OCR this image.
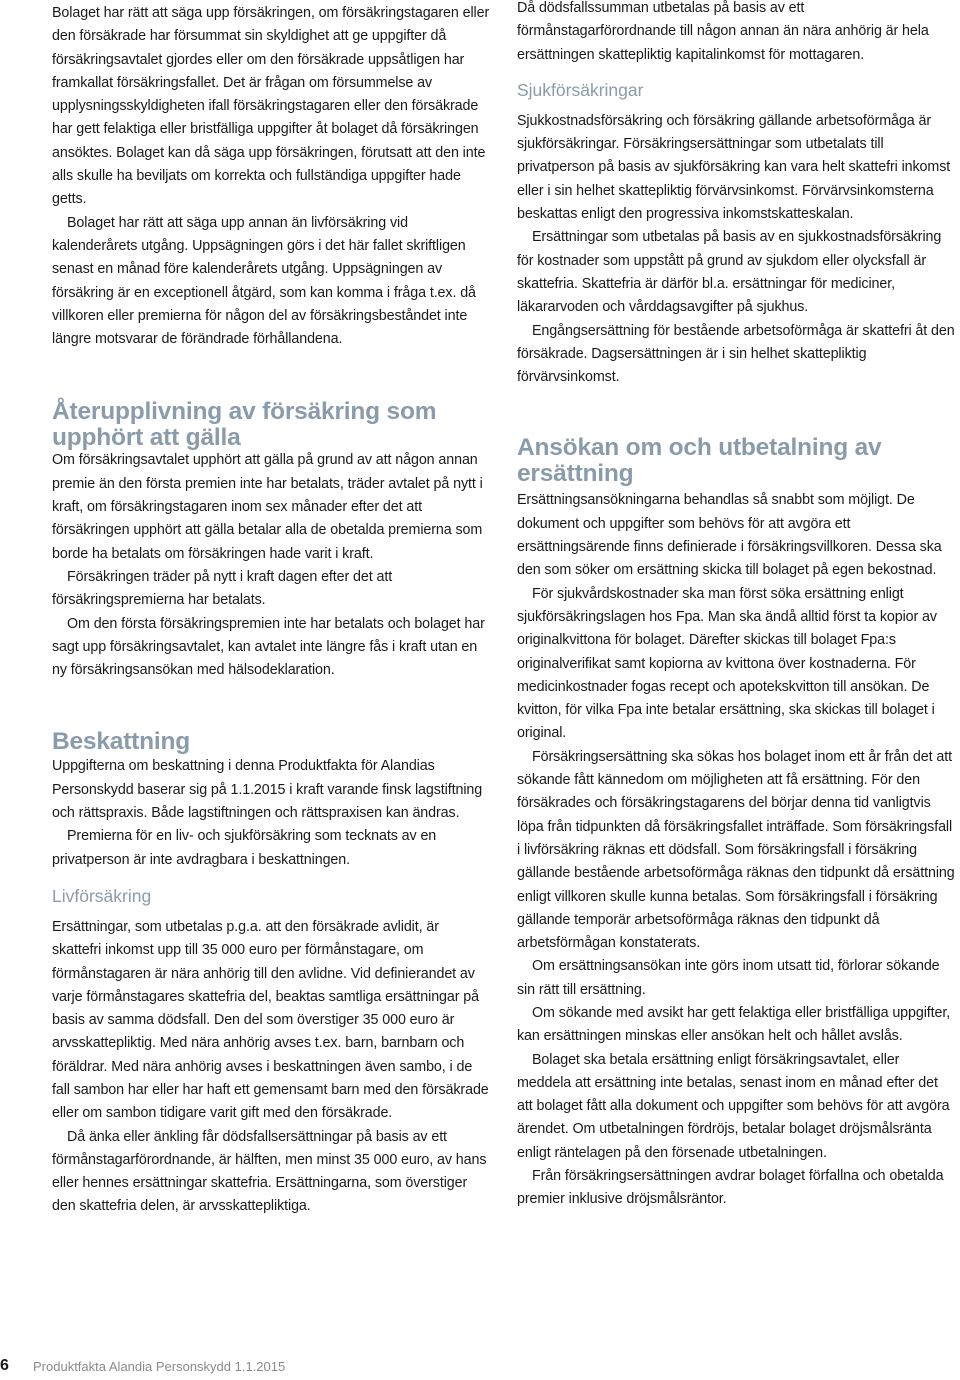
Bolaget har rätt att säga upp försäkringen, om försäkringstagaren eller den försäkrade har försummat sin skyldighet att ge uppgifter då försäkringsavtalet gjordes eller om den försäkrade uppsåtligen har framkallat försäkringsfallet. Det är frågan om försummelse av upplysningsskyldigheten ifall försäkringstagaren eller den försäkrade har gett felaktiga eller bristfälliga uppgifter åt bolaget då försäkringen ansöktes. Bolaget kan då säga upp försäkringen, förutsatt att den inte alls skulle ha beviljats om korrekta och fullständiga uppgifter hade getts.

Bolaget har rätt att säga upp annan än livförsäkring vid kalenderårets utgång. Uppsägningen görs i det här fallet skriftligen senast en månad före kalenderårets utgång. Uppsägningen av försäkring är en exceptionell åtgärd, som kan komma i fråga t.ex. då villkoren eller premierna för någon del av försäkringsbeståndet inte längre motsvarar de förändrade förhållandena.

Återupplivning av försäkring som upphört att gälla

Om försäkringsavtalet upphört att gälla på grund av att någon annan premie än den första premien inte har betalats, träder avtalet på nytt i kraft, om försäkringstagaren inom sex månader efter det att försäkringen upphört att gälla betalar alla de obetalda premierna som borde ha betalats om försäkringen hade varit i kraft.

Försäkringen träder på nytt i kraft dagen efter det att försäkringspremierna har betalats.

Om den första försäkringspremien inte har betalats och bolaget har sagt upp försäkringsavtalet, kan avtalet inte längre fås i kraft utan en ny försäkringsansökan med hälsodeklaration.

Beskattning

Uppgifterna om beskattning i denna Produktfakta för Alandias Personskydd baserar sig på 1.1.2015 i kraft varande finsk lagstiftning och rättspraxis. Både lagstiftningen och rättspraxisen kan ändras.

Premierna för en liv- och sjukförsäkring som tecknats av en privatperson är inte avdragbara i beskattningen.

Livförsäkring

Ersättningar, som utbetalas p.g.a. att den försäkrade avlidit, är skattefri inkomst upp till 35 000 euro per förmånstagare, om förmånstagaren är nära anhörig till den avlidne. Vid definierandet av varje förmånstagares skattefria del, beaktas samtliga ersättningar på basis av samma dödsfall. Den del som överstiger 35 000 euro är arvsskattepliktig. Med nära anhörig avses t.ex. barn, barnbarn och föräldrar. Med nära anhörig avses i beskattningen även sambo, i de fall sambon har eller har haft ett gemensamt barn med den försäkrade eller om sambon tidigare varit gift med den försäkrade.

Då änka eller änkling får dödsfallsersättningar på basis av ett förmånstagarförordnande, är hälften, men minst 35 000 euro, av hans eller hennes ersättningar skattefria. Ersättningarna, som överstiger den skattefria delen, är arvsskattepliktiga.

Då dödsfallssumman utbetalas på basis av ett förmånstagarförordnande till någon annan än nära anhörig är hela ersättningen skattepliktig kapitalinkomst för mottagaren.

Sjukförsäkringar

Sjukkostnadsförsäkring och försäkring gällande arbetsoförmåga är sjukförsäkringar. Försäkringsersättningar som utbetalats till privatperson på basis av sjukförsäkring kan vara helt skattefri inkomst eller i sin helhet skattepliktig förvärvsinkomst. Förvärvsinkomsterna beskattas enligt den progressiva inkomstskatteskalan.

Ersättningar som utbetalas på basis av en sjukkostnadsförsäkring för kostnader som uppstått på grund av sjukdom eller olycksfall är skattefria. Skattefria är därför bl.a. ersättningar för mediciner, läkararvoden och vårddagsavgifter på sjukhus.

Engångsersättning för bestående arbetsoförmåga är skattefri åt den försäkrade. Dagsersättningen är i sin helhet skattepliktig förvärvsinkomst.

Ansökan om och utbetalning av ersättning

Ersättningsansökningarna behandlas så snabbt som möjligt. De dokument och uppgifter som behövs för att avgöra ett ersättningsärende finns definierade i försäkringsvillkoren. Dessa ska den som söker om ersättning skicka till bolaget på egen bekostnad.

För sjukvårdskostnader ska man först söka ersättning enligt sjukförsäkringslagen hos Fpa. Man ska ändå alltid först ta kopior av originalkvittona för bolaget. Därefter skickas till bolaget Fpa:s originalverifikat samt kopiorna av kvittona över kostnaderna. För medicinkostnader fogas recept och apotekskvitton till ansökan. De kvitton, för vilka Fpa inte betalar ersättning, ska skickas till bolaget i original.

Försäkringsersättning ska sökas hos bolaget inom ett år från det att sökande fått kännedom om möjligheten att få ersättning. För den försäkrades och försäkringstagarens del börjar denna tid vanligtvis löpa från tidpunkten då försäkringsfallet inträffade. Som försäkringsfall i livförsäkring räknas ett dödsfall. Som försäkringsfall i försäkring gällande bestående arbetsoförmåga räknas den tidpunkt då ersättning enligt villkoren skulle kunna betalas. Som försäkringsfall i försäkring gällande temporär arbetsoförmåga räknas den tidpunkt då arbetsförmågan konstaterats.

Om ersättningsansökan inte görs inom utsatt tid, förlorar sökande sin rätt till ersättning.

Om sökande med avsikt har gett felaktiga eller bristfälliga uppgifter, kan ersättningen minskas eller ansökan helt och hållet avslås.

Bolaget ska betala ersättning enligt försäkringsavtalet, eller meddela att ersättning inte betalas, senast inom en månad efter det att bolaget fått alla dokument och uppgifter som behövs för att avgöra ärendet. Om utbetalningen fördröjs, betalar bolaget dröjsmålsränta enligt räntelagen på den försenade utbetalningen.

Från försäkringsersättningen avdrar bolaget förfallna och obetalda premier inklusive dröjsmålsräntor.

6 Produktfakta Alandia Personskydd 1.1.2015
